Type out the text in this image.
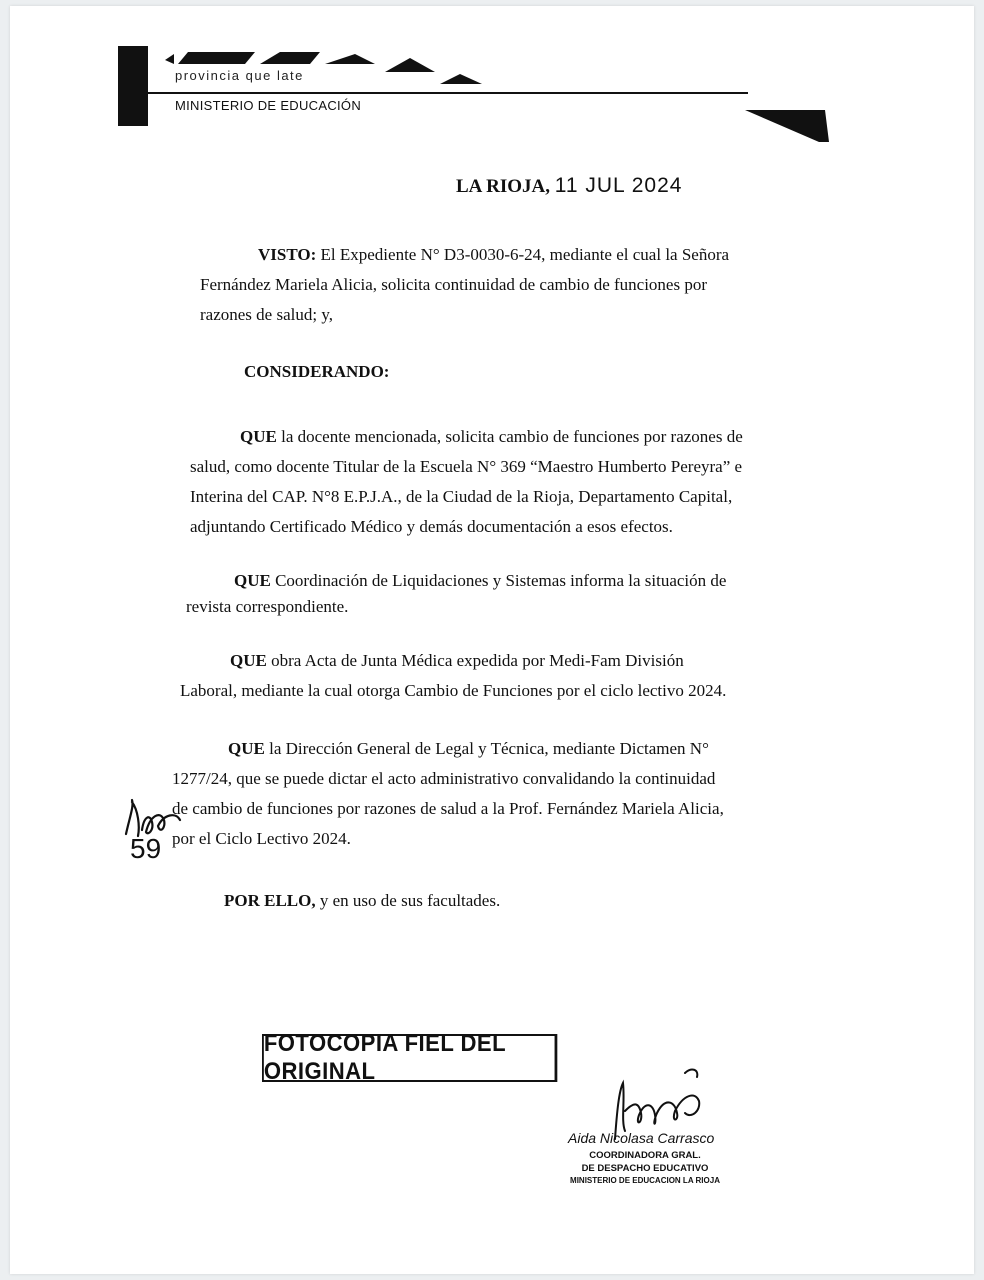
provincia que late
MINISTERIO DE EDUCACIÓN
LA RIOJA, 11 JUL 2024
VISTO: El Expediente N° D3-0030-6-24, mediante el cual la Señora
Fernández Mariela Alicia, solicita continuidad de cambio de funciones por
razones de salud; y,
CONSIDERANDO:
QUE la docente mencionada, solicita cambio de funciones por razones de
salud, como docente Titular de la Escuela N° 369 “Maestro Humberto Pereyra” e
Interina del CAP. N°8 E.P.J.A., de la Ciudad de la Rioja, Departamento Capital,
adjuntando Certificado Médico y demás documentación a esos efectos.
QUE Coordinación de Liquidaciones y Sistemas informa la situación de
revista correspondiente.
QUE obra Acta de Junta Médica expedida por Medi-Fam División
Laboral, mediante la cual otorga Cambio de Funciones por el ciclo lectivo 2024.
QUE la Dirección General de Legal y Técnica, mediante Dictamen N°
1277/24, que se puede dictar el acto administrativo convalidando la continuidad
de cambio de funciones por razones de salud a la Prof. Fernández Mariela Alicia,
por el Ciclo Lectivo 2024.
POR ELLO, y en uso de sus facultades.
59
FOTOCOPIA FIEL DEL ORIGINAL
Aida Nicolasa Carrasco
COORDINADORA GRAL.
DE DESPACHO EDUCATIVO
MINISTERIO DE EDUCACION LA RIOJA
